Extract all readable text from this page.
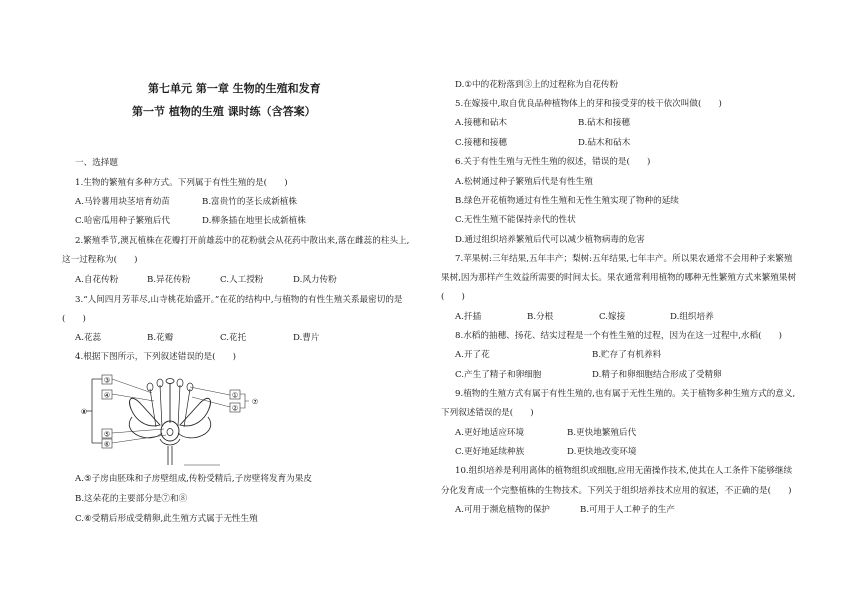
第七单元 第一章 生物的生殖和发育
第一节 植物的生殖 课时练（含答案）
一、选择题
1.生物的繁殖有多种方式。下列属于有性生殖的是(　　)
A.马铃薯用块茎培育幼苗	B.富贵竹的茎长成新植株
C.哈密瓜用种子繁殖后代	D.柳条插在地里长成新植株
2.繁殖季节,澳瓦植株在花瓣打开前雄蕊中的花粉就会从花药中散出来,落在雌蕊的柱头上,
这一过程称为(　　)
A.自花传粉	B.异花传粉	C.人工授粉	D.风力传粉
3.“人间四月芳菲尽,山寺桃花始盛开。”在花的结构中,与植物的有性生殖关系最密切的是
(　　)
A.花蕊	B.花瓣	C.花托	D.曹片
4.根据下图所示，下列叙述错误的是(　　)
③
④
⑤
⑥
⑧
①
②
⑦
A.⑤子房由胚珠和子房壁组成,传粉受精后,子房壁将发育为果皮
B.这朵花的主要部分是⑦和⑧
C.⑥受精后形成受精卵,此生殖方式属于无性生殖
D.①中的花粉落到③上的过程称为自花传粉
5.在嫁接中,取自优良品种植物体上的芽和接受芽的枝干依次叫做(　　)
A.接穗和砧木	B.砧木和接穗
C.接穗和接穗	D.砧木和砧木
6.关于有性生殖与无性生殖的叙述，错误的是(　　)
A.松树通过种子繁殖后代是有性生殖
B.绿色开花植物通过有性生殖和无性生殖实现了物种的延续
C.无性生殖不能保持亲代的性状
D.通过组织培养繁殖后代可以减少植物病毒的危害
7.苹果树:三年结果,五年丰产；梨树:五年结果,七年丰产。所以果农通常不会用种子来繁殖
果树,因为那样产生效益所需要的时间太长。果农通常利用植物的哪种无性繁殖方式来繁殖果树
(　　)
A.扦插	B.分根	C.嫁接	D.组织培养
8.水稻的抽穗、扬花、结实过程是一个有性生殖的过程，因为在这一过程中,水稻(　　)
A.开了花	B.贮存了有机养料
C.产生了精子和卵细胞	D.精子和卵细胞结合形成了受精卵
9.植物的生殖方式有属于有性生殖的,也有属于无性生殖的。关于植物多种生殖方式的意义,
下列叙述错误的是(　　)
A.更好地适应环境	B.更快地繁殖后代
C.更好地延续种族	D.更快地改变环境
10.组织培养是利用离体的植物组织或细胞,应用无菌操作技术,使其在人工条件下能够继续
分化发育成一个完整植株的生物技术。下列关于组织培养技术应用的叙述，不正确的是(　　)
A.可用于濒危植物的保护	B.可用于人工种子的生产
